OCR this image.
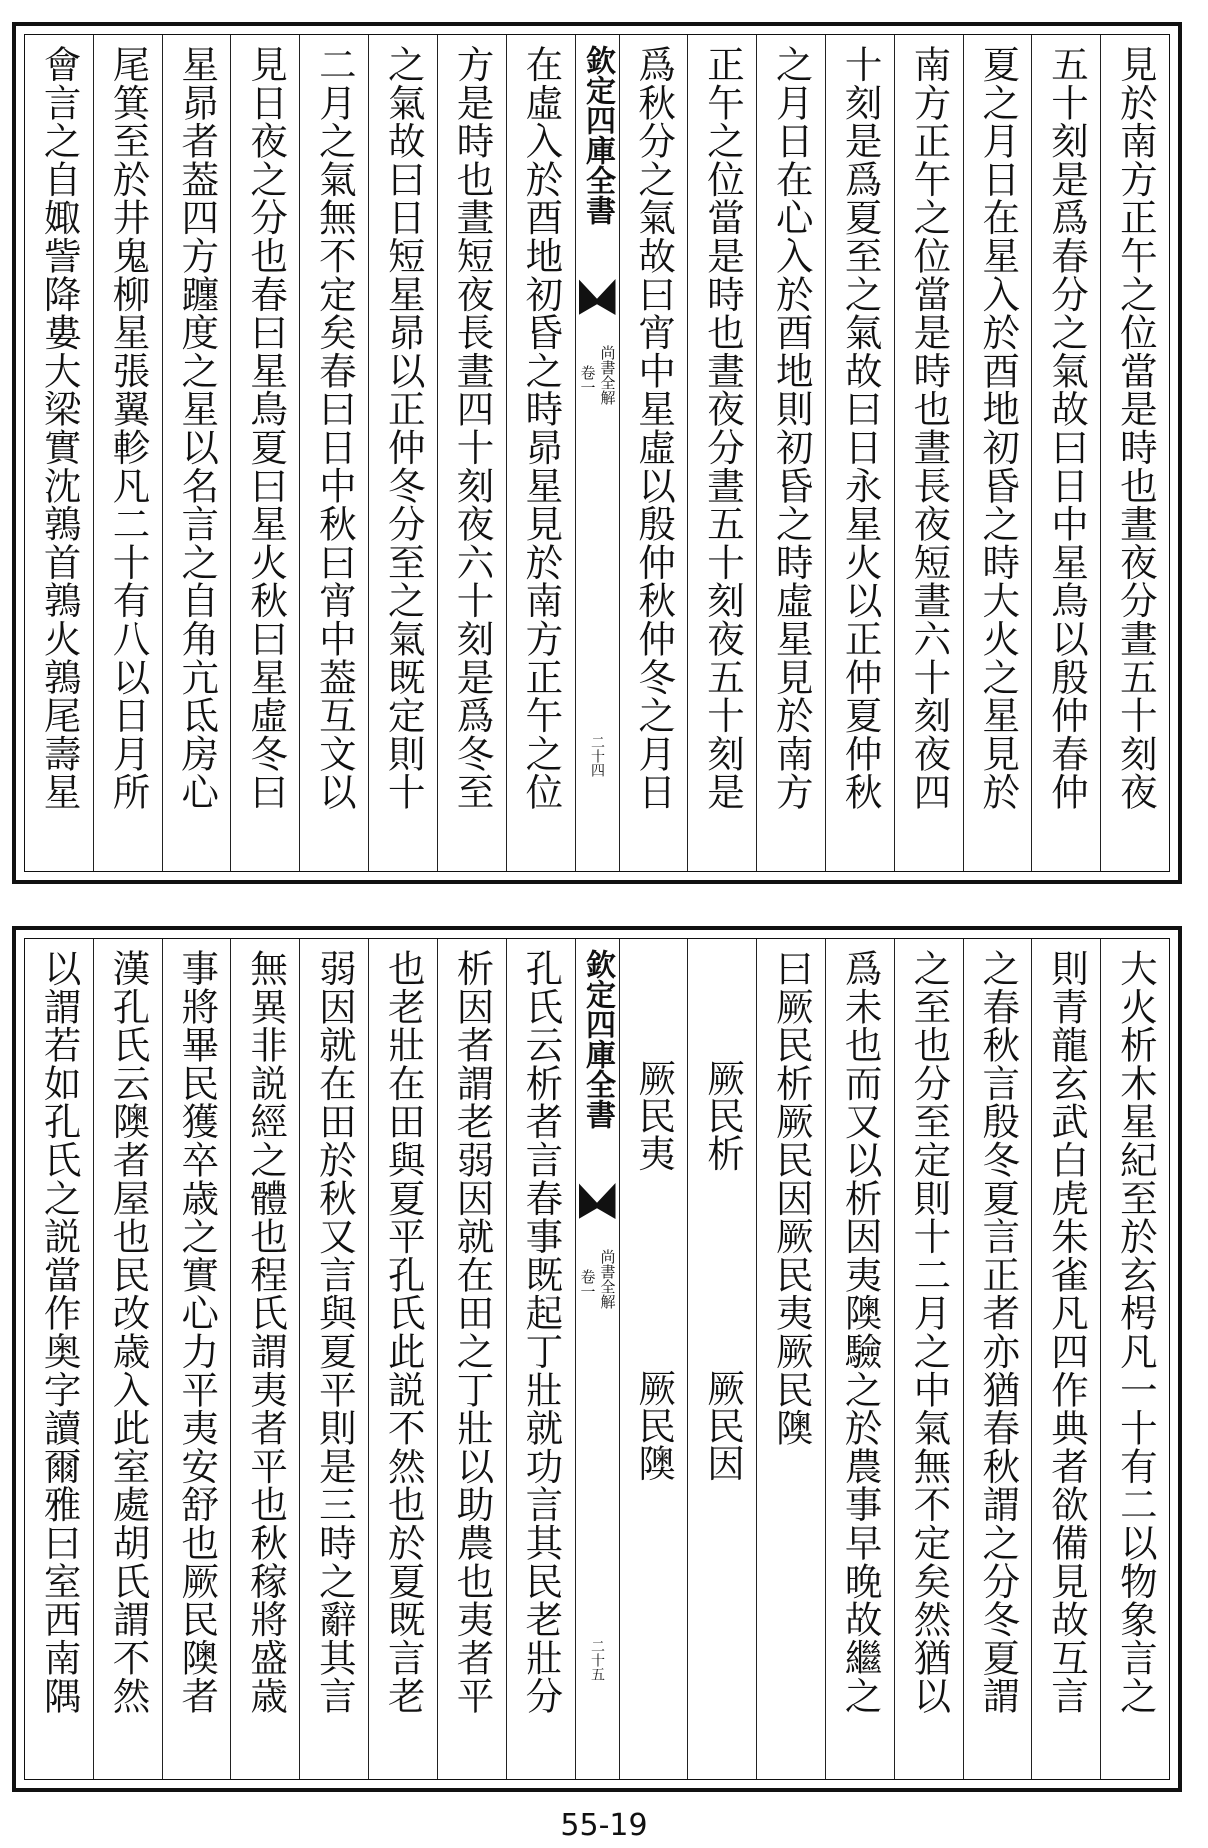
見於南方正午之位當是時也晝夜分晝五十刻夜
五十刻是爲春分之氣故曰日中星鳥以殷仲春仲
夏之月日在星入於酉地初昏之時大火之星見於
南方正午之位當是時也晝長夜短晝六十刻夜四
十刻是爲夏至之氣故曰日永星火以正仲夏仲秋
之月日在心入於酉地則初昏之時虛星見於南方
正午之位當是時也晝夜分晝五十刻夜五十刻是
爲秋分之氣故曰宵中星虛以殷仲秋仲冬之月日
欽定四庫全書
尚書全解
卷一
二十四
在虛入於酉地初昏之時昴星見於南方正午之位
方是時也晝短夜長晝四十刻夜六十刻是爲冬至
之氣故曰日短星昴以正仲冬分至之氣既定則十
二月之氣無不定矣春曰日中秋曰宵中葢互文以
見日夜之分也春曰星鳥夏曰星火秋曰星虛冬曰
星昴者葢四方躔度之星以名言之自角亢氐房心
尾箕至於井鬼柳星張翼軫凡二十有八以日月所
會言之自娵訾降婁大梁實沈鶉首鶉火鶉尾壽星
大火析木星紀至於玄枵凡一十有二以物象言之
則青龍玄武白虎朱雀凡四作典者欲備見故互言
之春秋言殷冬夏言正者亦猶春秋謂之分冬夏謂
之至也分至定則十二月之中氣無不定矣然猶以
爲未也而又以析因夷隩驗之於農事早晚故繼之
曰厥民析厥民因厥民夷厥民隩
厥民析
厥民因
厥民夷
厥民隩
欽定四庫全書
尚書全解
卷一
二十五
孔氏云析者言春事既起丁壯就功言其民老壯分
析因者謂老弱因就在田之丁壯以助農也夷者平
也老壯在田與夏平孔氏此説不然也於夏既言老
弱因就在田於秋又言與夏平則是三時之辭其言
無異非説經之體也程氏謂夷者平也秋稼將盛歳
事將畢民獲卒歳之實心力平夷安舒也厥民隩者
漢孔氏云隩者屋也民改歳入此室處胡氏謂不然
以謂若如孔氏之説當作奥字讀爾雅曰室西南隅
55-19
